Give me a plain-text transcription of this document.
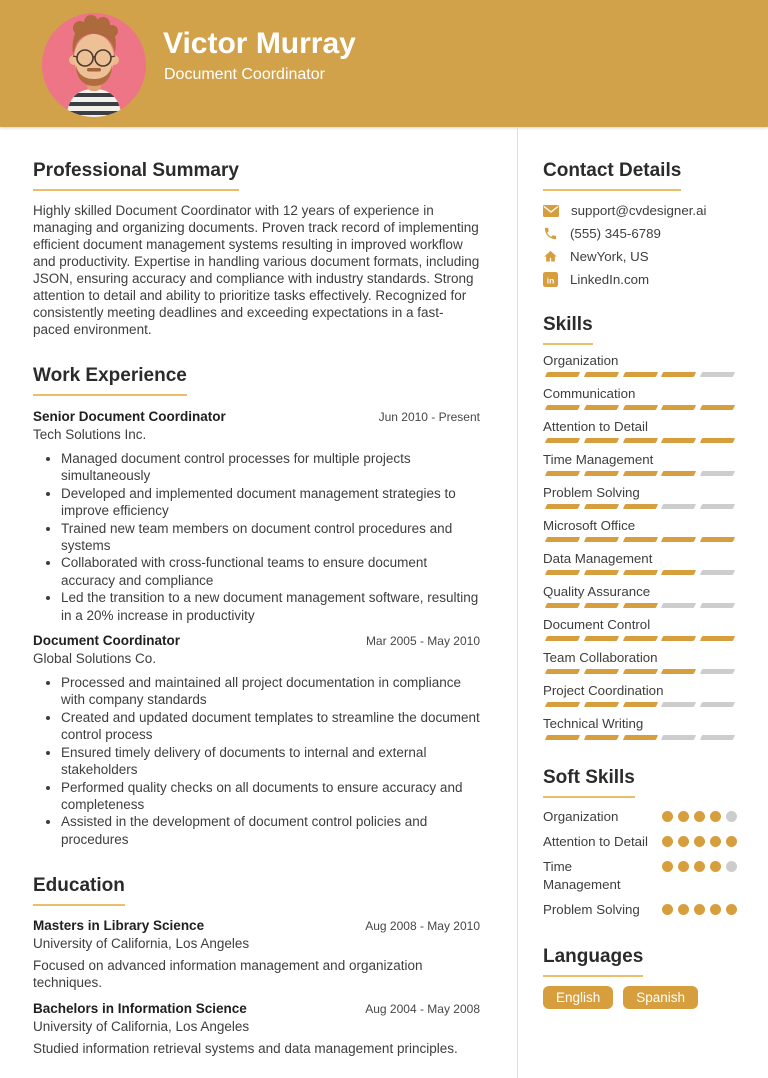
Victor Murray
Document Coordinator
Professional Summary

Highly skilled Document Coordinator with 12 years of experience in managing and organizing documents. Proven track record of implementing efficient document management systems resulting in improved workflow and productivity. Expertise in handling various document formats, including JSON, ensuring accuracy and compliance with industry standards. Strong attention to detail and ability to prioritize tasks effectively. Recognized for consistently meeting deadlines and exceeding expectations in a fast-paced environment.

Work Experience
Senior Document Coordinator	Jun 2010 - Present
Tech Solutions Inc.
• Managed document control processes for multiple projects simultaneously
• Developed and implemented document management strategies to improve efficiency
• Trained new team members on document control procedures and systems
• Collaborated with cross-functional teams to ensure document accuracy and compliance
• Led the transition to a new document management software, resulting in a 20% increase in productivity
Document Coordinator	Mar 2005 - May 2010
Global Solutions Co.
• Processed and maintained all project documentation in compliance with company standards
• Created and updated document templates to streamline the document control process
• Ensured timely delivery of documents to internal and external stakeholders
• Performed quality checks on all documents to ensure accuracy and completeness
• Assisted in the development of document control policies and procedures
Education
Masters in Library Science	Aug 2008 - May 2010
University of California, Los Angeles

Focused on advanced information management and organization techniques.

Bachelors in Information Science	Aug 2004 - May 2008
University of California, Los Angeles

Studied information retrieval systems and data management principles.

Contact Details
support@cvdesigner.ai
(555) 345-6789
NewYork, US
in LinkedIn.com
Skills
Organization
Communication
Attention to Detail
Time Management
Problem Solving
Microsoft Office
Data Management
Quality Assurance
Document Control
Team Collaboration
Project Coordination
Technical Writing
Soft Skills
Organization
Attention to Detail
Time Management
Problem Solving
Languages
English	Spanish
